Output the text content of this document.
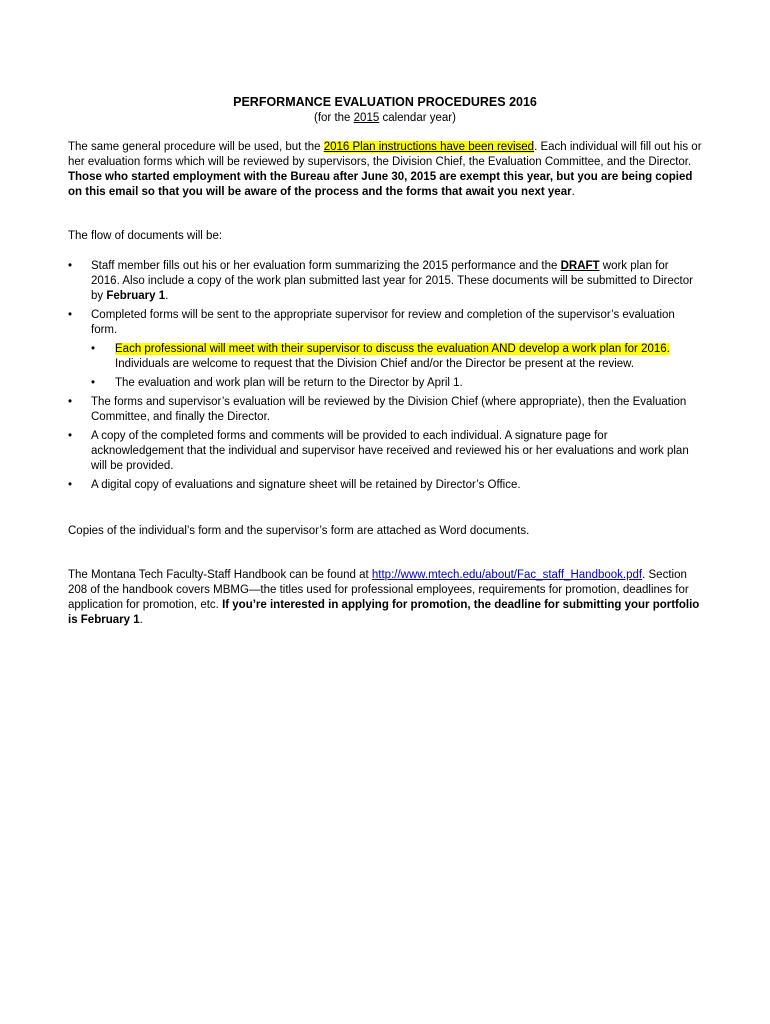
PERFORMANCE EVALUATION PROCEDURES 2016
(for the 2015 calendar year)
The same general procedure will be used, but the 2016 Plan instructions have been revised. Each individual will fill out his or her evaluation forms which will be reviewed by supervisors, the Division Chief, the Evaluation Committee, and the Director. Those who started employment with the Bureau after June 30, 2015 are exempt this year, but you are being copied on this email so that you will be aware of the process and the forms that await you next year.
The flow of documents will be:
• Staff member fills out his or her evaluation form summarizing the 2015 performance and the DRAFT work plan for 2016. Also include a copy of the work plan submitted last year for 2015. These documents will be submitted to Director by February 1.
• Completed forms will be sent to the appropriate supervisor for review and completion of the supervisor’s evaluation form.
• Each professional will meet with their supervisor to discuss the evaluation AND develop a work plan for 2016. Individuals are welcome to request that the Division Chief and/or the Director be present at the review.
• The evaluation and work plan will be return to the Director by April 1.
• The forms and supervisor’s evaluation will be reviewed by the Division Chief (where appropriate), then the Evaluation Committee, and finally the Director.
• A copy of the completed forms and comments will be provided to each individual. A signature page for acknowledgement that the individual and supervisor have received and reviewed his or her evaluations and work plan will be provided.
• A digital copy of evaluations and signature sheet will be retained by Director’s Office.
Copies of the individual’s form and the supervisor’s form are attached as Word documents.
The Montana Tech Faculty-Staff Handbook can be found at http://www.mtech.edu/about/Fac_staff_Handbook.pdf. Section 208 of the handbook covers MBMG—the titles used for professional employees, requirements for promotion, deadlines for application for promotion, etc. If you’re interested in applying for promotion, the deadline for submitting your portfolio is February 1.
